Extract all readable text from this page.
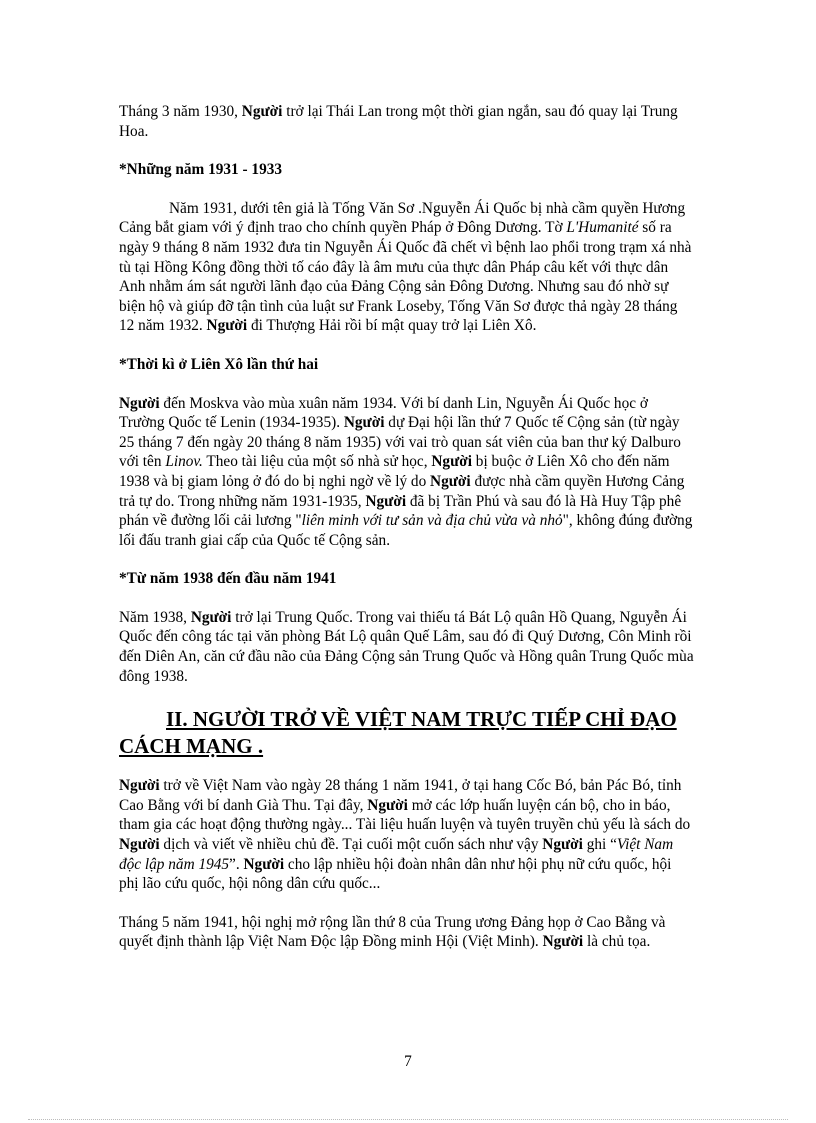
Tháng 3 năm 1930, Người trở lại Thái Lan trong một thời gian ngắn, sau đó quay lại Trung Hoa.

*Những năm 1931 - 1933

Năm 1931, dưới tên giả là Tống Văn Sơ .Nguyễn Ái Quốc bị nhà cầm quyền Hương Cảng bắt giam với ý định trao cho chính quyền Pháp ở Đông Dương. Tờ L'Humanité số ra ngày 9 tháng 8 năm 1932 đưa tin Nguyễn Ái Quốc đã chết vì bệnh lao phổi trong trạm xá nhà tù tại Hồng Kông đồng thời tố cáo đây là âm mưu của thực dân Pháp câu kết với thực dân Anh nhằm ám sát người lãnh đạo của Đảng Cộng sản Đông Dương. Nhưng sau đó nhờ sự biện hộ và giúp đỡ tận tình của luật sư Frank Loseby, Tống Văn Sơ được thả ngày 28 tháng 12 năm 1932. Người đi Thượng Hải rồi bí mật quay trở lại Liên Xô.

*Thời kì ở Liên Xô lần thứ hai

Người đến Moskva vào mùa xuân năm 1934. Với bí danh Lin, Nguyễn Ái Quốc học ở Trường Quốc tế Lenin (1934-1935). Người dự Đại hội lần thứ 7 Quốc tế Cộng sản (từ ngày 25 tháng 7 đến ngày 20 tháng 8 năm 1935) với vai trò quan sát viên của ban thư ký Dalburo với tên Linov. Theo tài liệu của một số nhà sử học, Người bị buộc ở Liên Xô cho đến năm 1938 và bị giam lỏng ở đó do bị nghi ngờ về lý do Người được nhà cầm quyền Hương Cảng trả tự do. Trong những năm 1931-1935, Người đã bị Trần Phú và sau đó là Hà Huy Tập phê phán về đường lối cải lương "liên minh với tư sản và địa chủ vừa và nhỏ", không đúng đường lối đấu tranh giai cấp của Quốc tế Cộng sản.

*Từ năm 1938 đến đầu năm 1941

Năm 1938, Người trở lại Trung Quốc. Trong vai thiếu tá Bát Lộ quân Hồ Quang, Nguyễn Ái Quốc đến công tác tại văn phòng Bát Lộ quân Quế Lâm, sau đó đi Quý Dương, Côn Minh rồi đến Diên An, căn cứ đầu não của Đảng Cộng sản Trung Quốc và Hồng quân Trung Quốc mùa đông 1938.

II. NGƯỜI TRỞ VỀ VIỆT NAM TRỰC TIẾP CHỈ ĐẠO CÁCH MẠNG .

Người trở về Việt Nam vào ngày 28 tháng 1 năm 1941, ở tại hang Cốc Bó, bản Pác Bó, tỉnh Cao Bằng với bí danh Già Thu. Tại đây, Người mở các lớp huấn luyện cán bộ, cho in báo, tham gia các hoạt động thường ngày... Tài liệu huấn luyện và tuyên truyền chủ yếu là sách do Người dịch và viết về nhiều chủ đề. Tại cuối một cuốn sách như vậy Người ghi “Việt Nam độc lập năm 1945”. Người cho lập nhiều hội đoàn nhân dân như hội phụ nữ cứu quốc, hội phị lão cứu quốc, hội nông dân cứu quốc...

Tháng 5 năm 1941, hội nghị mở rộng lần thứ 8 của Trung ương Đảng họp ở Cao Bằng và quyết định thành lập Việt Nam Độc lập Đồng minh Hội (Việt Minh). Người là chủ tọa.

7
